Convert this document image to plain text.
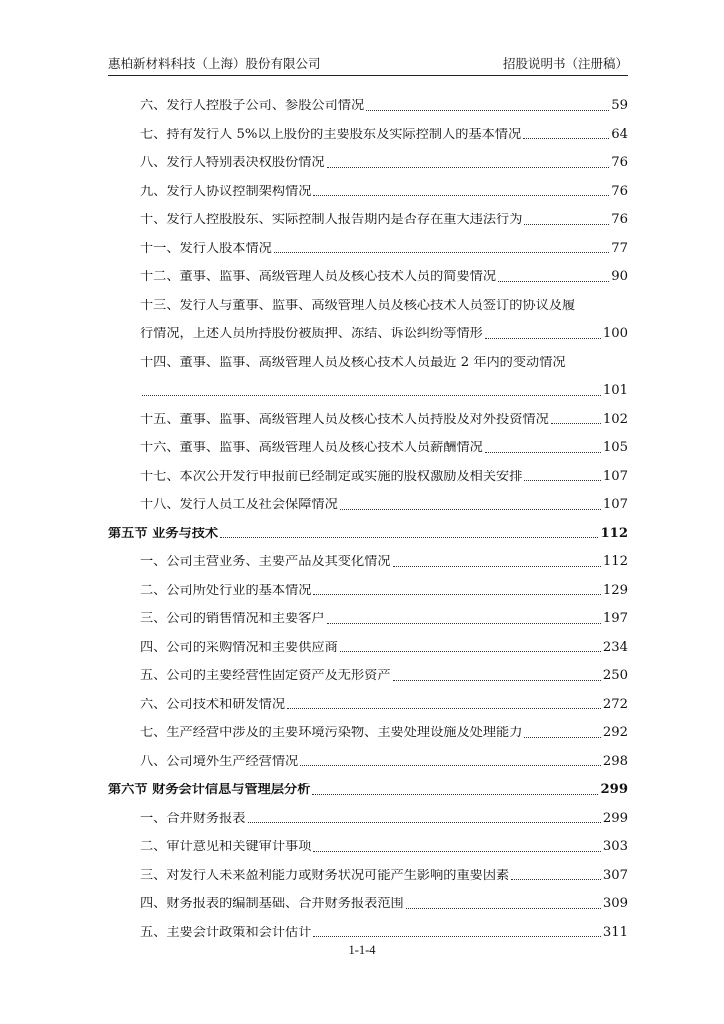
惠柏新材料科技（上海）股份有限公司	招股说明书（注册稿）
六、发行人控股子公司、参股公司情况	59
七、持有发行人 5%以上股份的主要股东及实际控制人的基本情况	64
八、发行人特别表决权股份情况	76
九、发行人协议控制架构情况	76
十、发行人控股股东、实际控制人报告期内是否存在重大违法行为	76
十一、发行人股本情况	77
十二、董事、监事、高级管理人员及核心技术人员的简要情况	90
十三、发行人与董事、监事、高级管理人员及核心技术人员签订的协议及履
行情况，上述人员所持股份被质押、冻结、诉讼纠纷等情形	100
十四、董事、监事、高级管理人员及核心技术人员最近 2 年内的变动情况
101
十五、董事、监事、高级管理人员及核心技术人员持股及对外投资情况	102
十六、董事、监事、高级管理人员及核心技术人员薪酬情况	105
十七、本次公开发行申报前已经制定或实施的股权激励及相关安排	107
十八、发行人员工及社会保障情况	107
第五节 业务与技术	112
一、公司主营业务、主要产品及其变化情况	112
二、公司所处行业的基本情况	129
三、公司的销售情况和主要客户	197
四、公司的采购情况和主要供应商	234
五、公司的主要经营性固定资产及无形资产	250
六、公司技术和研发情况	272
七、生产经营中涉及的主要环境污染物、主要处理设施及处理能力	292
八、公司境外生产经营情况	298
第六节 财务会计信息与管理层分析	299
一、合并财务报表	299
二、审计意见和关键审计事项	303
三、对发行人未来盈利能力或财务状况可能产生影响的重要因素	307
四、财务报表的编制基础、合并财务报表范围	309
五、主要会计政策和会计估计	311
1-1-4
